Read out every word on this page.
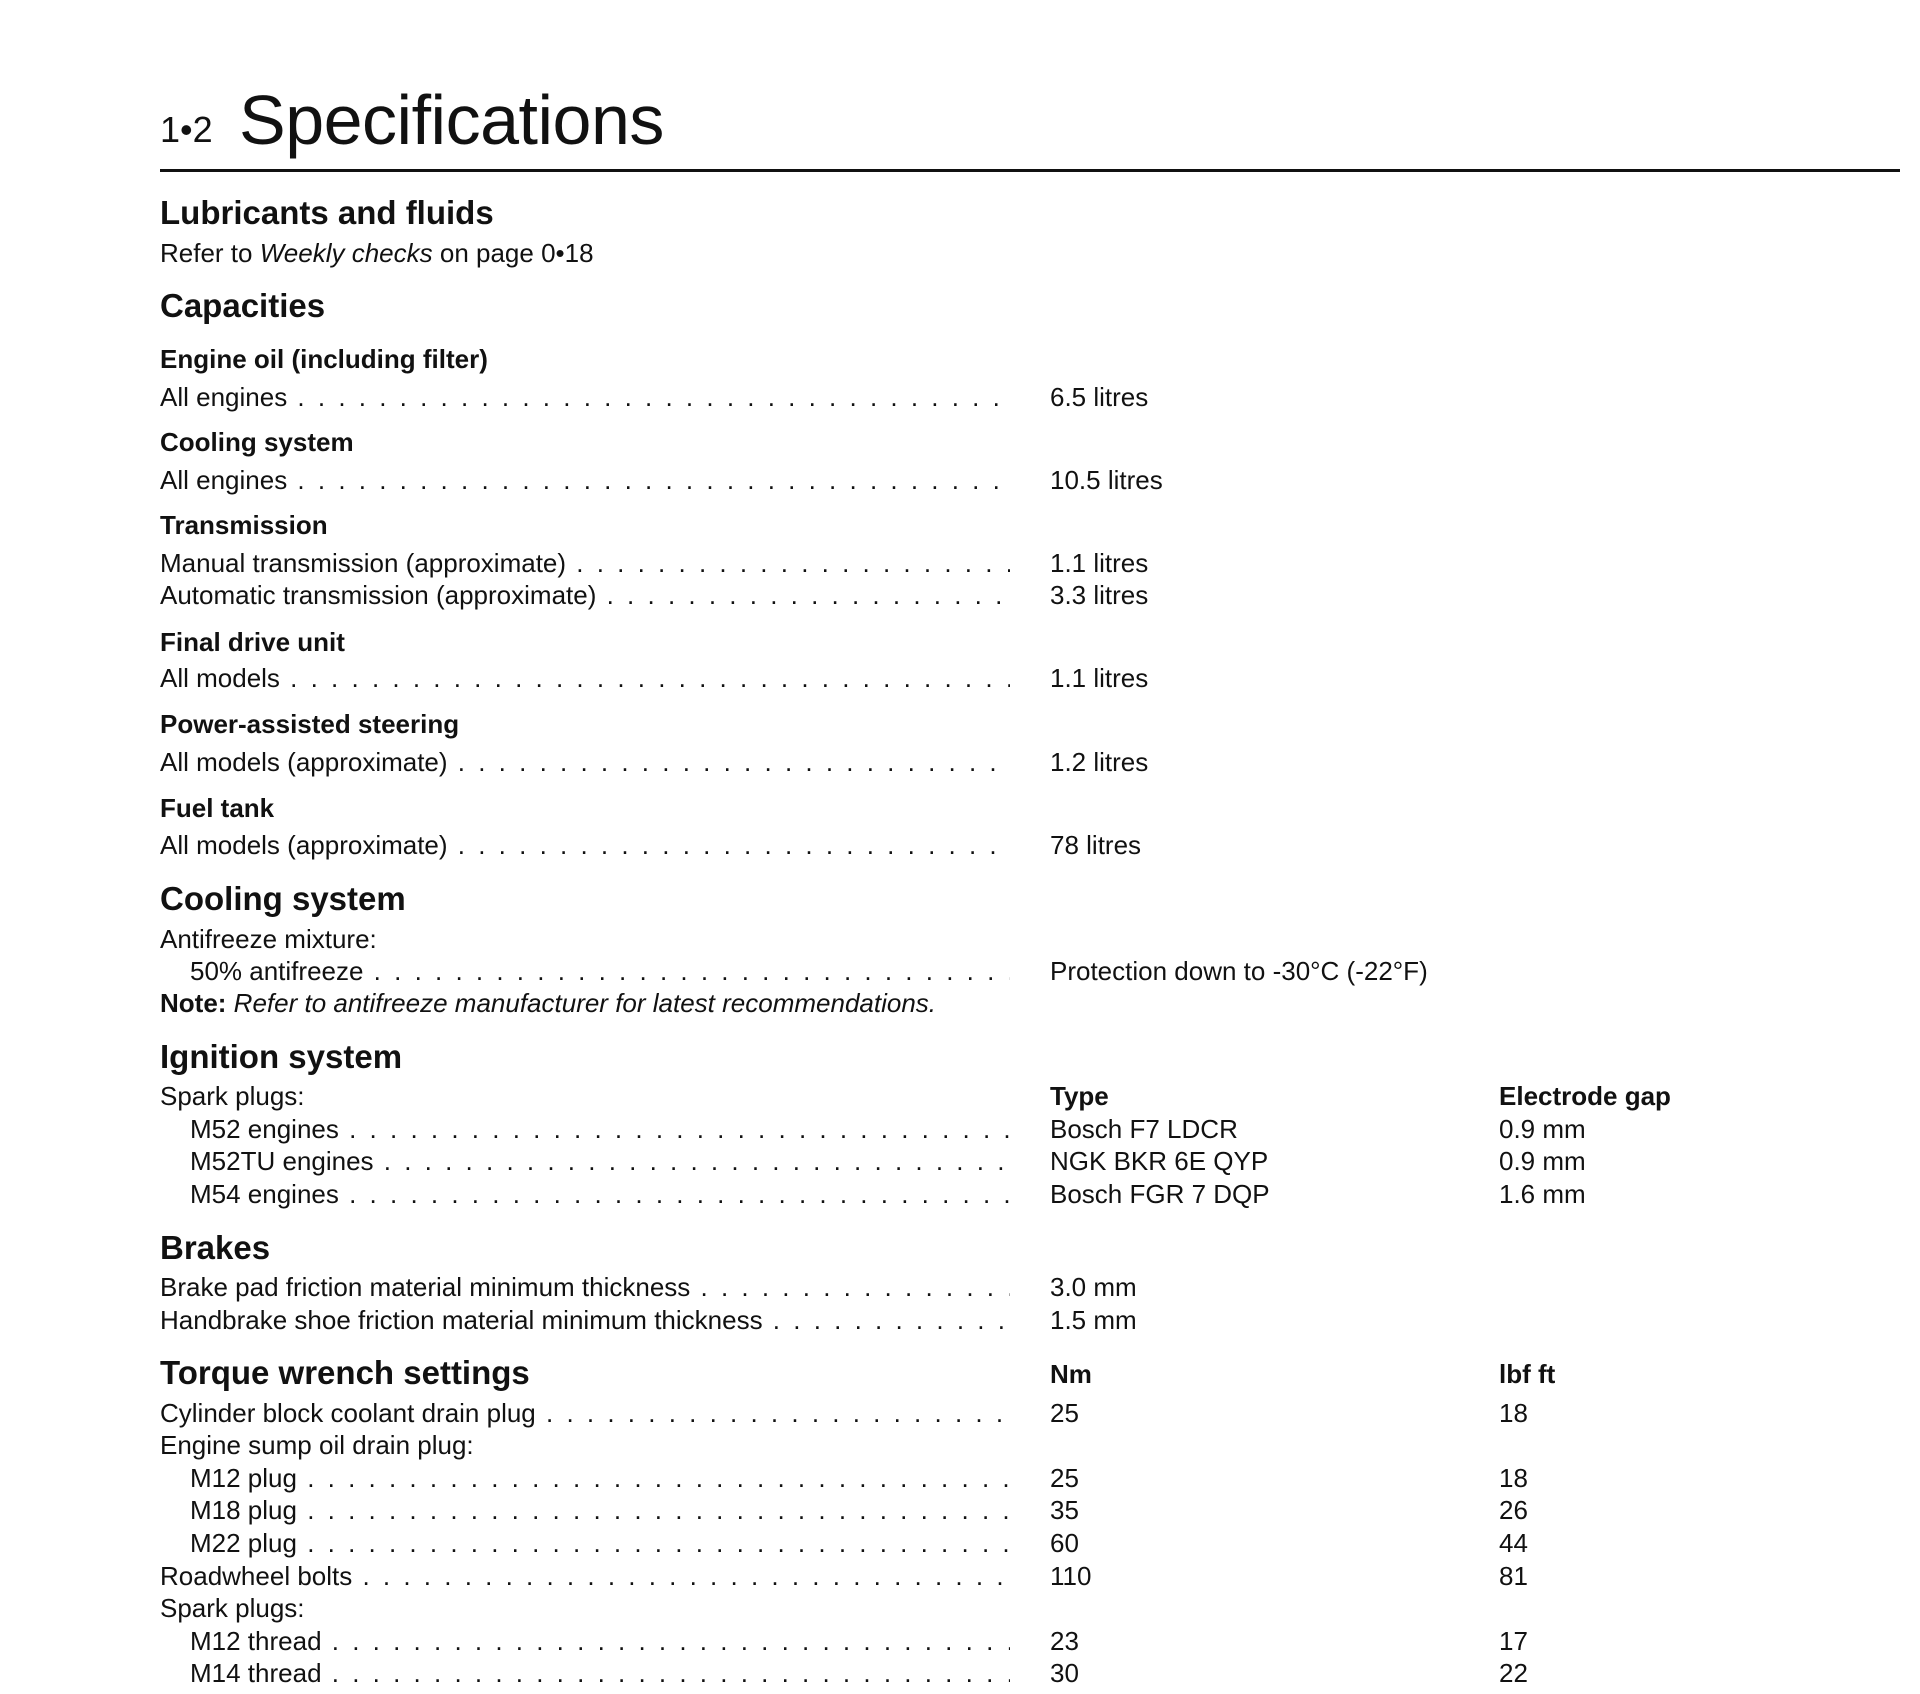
1•2 Specifications
Lubricants and fluids
Refer to Weekly checks on page 0•18
Capacities
Engine oil (including filter)
All engines . . .	6.5 litres
Cooling system
All engines . . .	10.5 litres
Transmission
Manual transmission (approximate) . . .	1.1 litres
Automatic transmission (approximate) . . .	3.3 litres
Final drive unit
All models . . .	1.1 litres
Power-assisted steering
All models (approximate) . . .	1.2 litres
Fuel tank
All models (approximate) . . .	78 litres
Cooling system
Antifreeze mixture:
50% antifreeze . . .	Protection down to -30°C (-22°F)
Note: Refer to antifreeze manufacturer for latest recommendations.
Ignition system
Spark plugs:	Type	Electrode gap
M52 engines . . .	Bosch F7 LDCR	0.9 mm
M52TU engines . . .	NGK BKR 6E QYP	0.9 mm
M54 engines . . .	Bosch FGR 7 DQP	1.6 mm
Brakes
Brake pad friction material minimum thickness . . .	3.0 mm
Handbrake shoe friction material minimum thickness . . .	1.5 mm
Torque wrench settings	Nm	lbf ft
Cylinder block coolant drain plug . . .	25	18
Engine sump oil drain plug:
M12 plug . . .	25	18
M18 plug . . .	35	26
M22 plug . . .	60	44
Roadwheel bolts . . .	110	81
Spark plugs:
M12 thread . . .	23	17
M14 thread . . .	30	22
